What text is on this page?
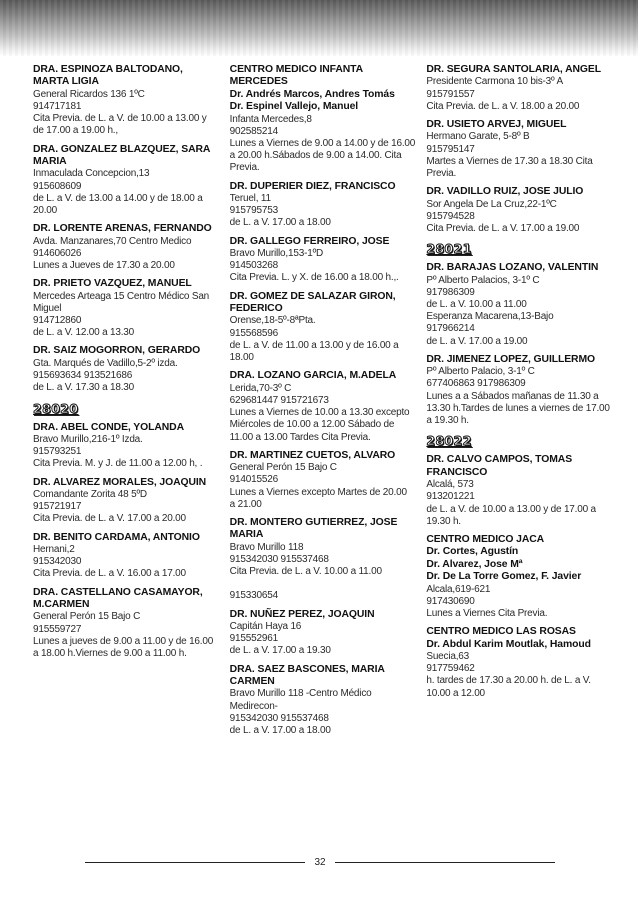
DRA. ESPINOZA BALTODANO,
MARTA LIGIA
General Ricardos 136 1ºC
914717181
Cita Previa. de L. a V. de 10.00 a 13.00 y
de 17.00 a 19.00 h.,
DRA. GONZALEZ BLAZQUEZ, SARA
MARIA
Inmaculada Concepcion,13
915608609
de L. a V. de 13.00 a 14.00 y de 18.00 a
20.00
DR. LORENTE ARENAS, FERNANDO
Avda. Manzanares,70 Centro Medico
914606026
Lunes a Jueves de 17.30 a 20.00
DR. PRIETO VAZQUEZ, MANUEL
Mercedes Arteaga 15 Centro Médico San
Miguel
914712860
de L. a V. 12.00 a 13.30
DR. SAIZ MOGORRON, GERARDO
Gta. Marqués de Vadillo,5-2º izda.
915693634 913521686
de L. a V. 17.30 a 18.30
28020
DRA. ABEL CONDE, YOLANDA
Bravo Murillo,216-1º Izda.
915793251
Cita Previa. M. y J. de 11.00 a 12.00 h, .
DR. ALVAREZ MORALES, JOAQUIN
Comandante Zorita 48 5ºD
915721917
Cita Previa. de L. a V. 17.00 a 20.00
DR. BENITO CARDAMA, ANTONIO
Hernani,2
915342030
Cita Previa. de L. a V. 16.00 a 17.00
DRA. CASTELLANO CASAMAYOR,
M.CARMEN
General Perón 15 Bajo C
915559727
Lunes a jueves de 9.00 a 11.00 y de 16.00
a 18.00 h.Viernes de 9.00 a 11.00 h.
CENTRO MEDICO INFANTA
MERCEDES
Dr. Andrés Marcos, Andres Tomás
Dr. Espinel Vallejo, Manuel
Infanta Mercedes,8
902585214
Lunes a Viernes de 9.00 a 14.00 y de 16.00
a 20.00 h.Sábados de 9.00 a 14.00. Cita
Previa.
DR. DUPERIER DIEZ, FRANCISCO
Teruel, 11
915795753
de L. a V. 17.00 a 18.00
DR. GALLEGO FERREIRO, JOSE
Bravo Murillo,153-1ºD
914503268
Cita Previa. L. y X. de 16.00 a 18.00 h.,.
DR. GOMEZ DE SALAZAR GIRON,
FEDERICO
Orense,18-5º-8ªPta.
915568596
de L. a V. de 11.00 a 13.00 y de 16.00 a
18.00
DRA. LOZANO GARCIA, M.ADELA
Lerida,70-3º C
629681447 915721673
Lunes a Viernes de 10.00 a 13.30 excepto
Miércoles de 10.00 a 12.00 Sábado de
11.00 a 13.00 Tardes Cita Previa.
DR. MARTINEZ CUETOS, ALVARO
General Perón 15 Bajo C
914015526
Lunes a Viernes excepto Martes de 20.00
a 21.00
DR. MONTERO GUTIERREZ, JOSE
MARIA
Bravo Murillo 118
915342030 915537468
Cita Previa. de L. a V. 10.00 a 11.00
915330654
DR. NUÑEZ PEREZ, JOAQUIN
Capitán Haya 16
915552961
de L. a V. 17.00 a 19.30
DRA. SAEZ BASCONES, MARIA
CARMEN
Bravo Murillo 118 -Centro Médico
Medirecon-
915342030 915537468
de L. a V. 17.00 a 18.00
DR. SEGURA SANTOLARIA, ANGEL
Presidente Carmona 10 bis-3º A
915791557
Cita Previa. de L. a V. 18.00 a 20.00
DR. USIETO ARVEJ, MIGUEL
Hermano Garate, 5-8º B
915795147
Martes a Viernes de 17.30 a 18.30 Cita
Previa.
DR. VADILLO RUIZ, JOSE JULIO
Sor Angela De La Cruz,22-1ºC
915794528
Cita Previa. de L. a V. 17.00 a 19.00
28021
DR. BARAJAS LOZANO, VALENTIN
Pº Alberto Palacios, 3-1º C
917986309
de L. a V. 10.00 a 11.00
Esperanza Macarena,13-Bajo
917966214
de L. a V. 17.00 a 19.00
DR. JIMENEZ LOPEZ, GUILLERMO
Pº Alberto Palacio, 3-1º C
677406863 917986309
Lunes a a Sábados mañanas de 11.30 a
13.30 h.Tardes de lunes a viernes de 17.00
a 19.30 h.
28022
DR. CALVO CAMPOS, TOMAS
FRANCISCO
Alcalá, 573
913201221
de L. a V. de 10.00 a 13.00 y de 17.00 a
19.30 h.
CENTRO MEDICO JACA
Dr. Cortes, Agustín
Dr. Alvarez, Jose Mª
Dr. De La Torre Gomez, F. Javier
Alcala,619-621
917430690
Lunes a Viernes Cita Previa.
CENTRO MEDICO LAS ROSAS
Dr. Abdul Karim Moutlak, Hamoud
Suecia,63
917759462
h. tardes de 17.30 a 20.00 h. de L. a V.
10.00 a 12.00
32
